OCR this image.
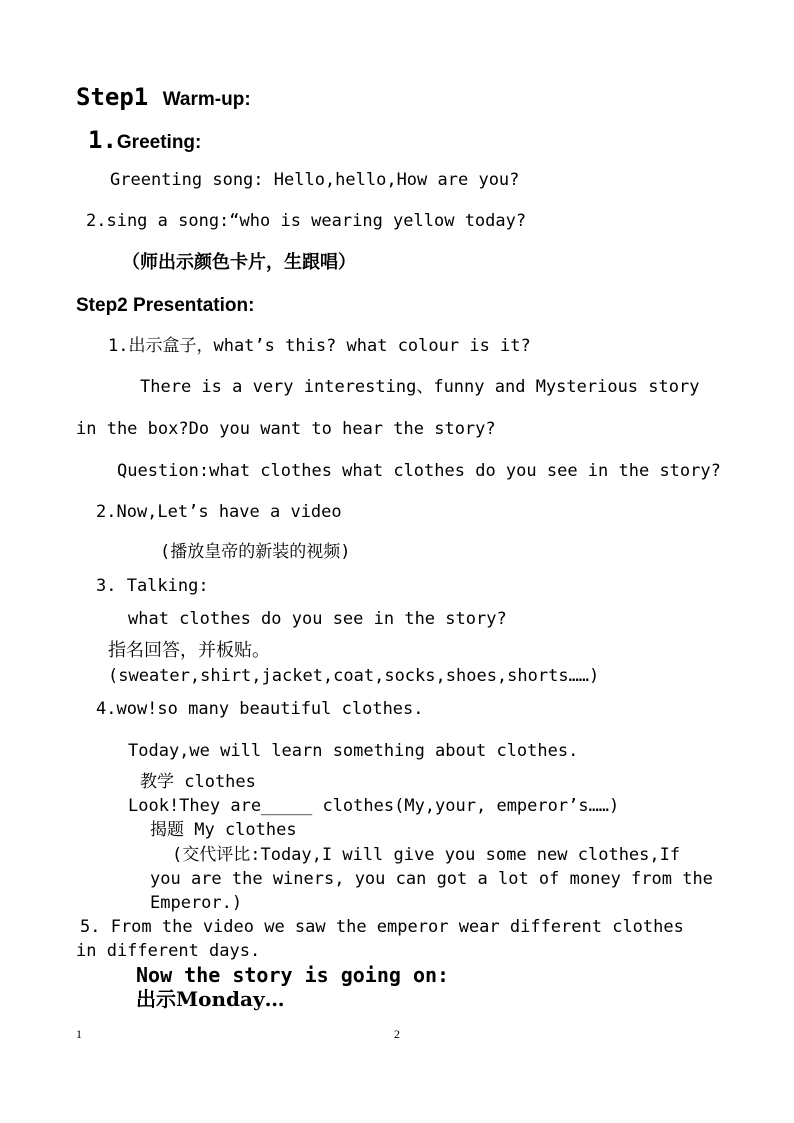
Step1 Warm-up:
1.Greeting:
Greenting song: Hello,hello,How are you?
2.sing a song:“who is wearing yellow today?
（师出示颜色卡片，生跟唱）
Step2 Presentation:
1.出示盒子，what’s this? what colour is it?
There is a very interesting、funny and Mysterious story
in the box?Do you want to hear the story?
Question:what clothes what clothes do you see in the story?
2.Now,Let’s have a video
(播放皇帝的新装的视频)
3. Talking:
what clothes do you see in the story?
指名回答，并板贴。
(sweater,shirt,jacket,coat,socks,shoes,shorts……)
4.wow!so many beautiful clothes.
Today,we will learn something about clothes.
教学 clothes
Look!They are_____ clothes(My,your, emperor’s……)
揭题 My clothes
(交代评比:Today,I will give you some new clothes,If
you are the winers, you can got a lot of money from the
Emperor.)
5. From the video we saw the emperor wear different clothes
in different days.
Now the story is going on:
出示Monday…
1	2
